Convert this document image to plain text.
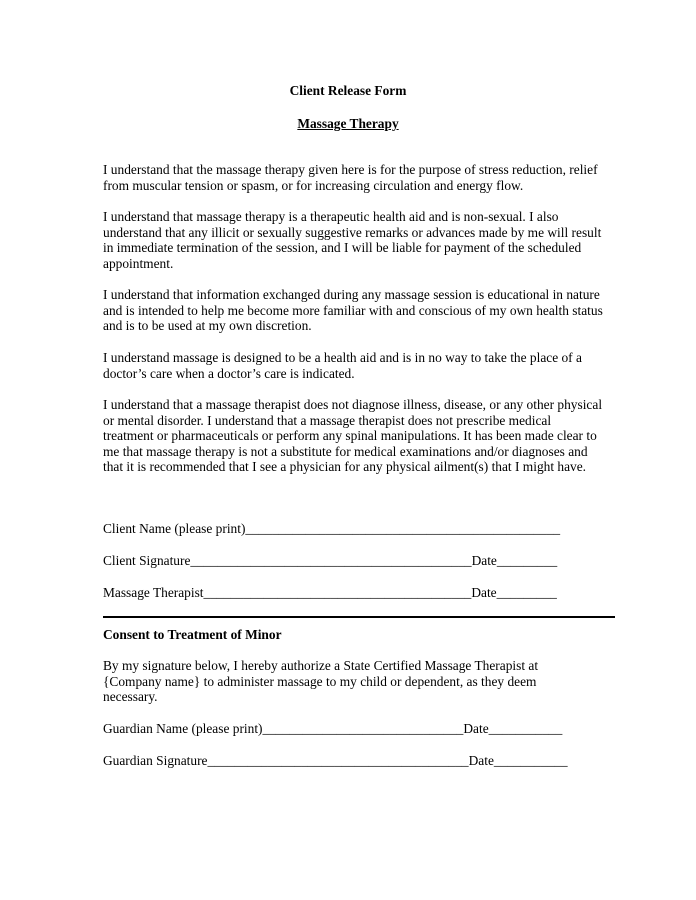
Client Release Form

Massage Therapy

I understand that the massage therapy given here is for the purpose of stress reduction, relief from muscular tension or spasm, or for increasing circulation and energy flow.

I understand that massage therapy is a therapeutic health aid and is non-sexual. I also understand that any illicit or sexually suggestive remarks or advances made by me will result in immediate termination of the session, and I will be liable for payment of the scheduled appointment.

I understand that information exchanged during any massage session is educational in nature and is intended to help me become more familiar with and conscious of my own health status and is to be used at my own discretion.

I understand massage is designed to be a health aid and is in no way to take the place of a doctor’s care when a doctor’s care is indicated.

I understand that a massage therapist does not diagnose illness, disease, or any other physical or mental disorder. I understand that a massage therapist does not prescribe medical treatment or pharmaceuticals or perform any spinal manipulations. It has been made clear to me that massage therapy is not a substitute for medical examinations and/or diagnoses and that it is recommended that I see a physician for any physical ailment(s) that I might have.

Client Name (please print)_______________________________________________
Client Signature__________________________________________Date_________
Massage Therapist________________________________________Date_________

Consent to Treatment of Minor

By my signature below, I hereby authorize a State Certified Massage Therapist at {Company name} to administer massage to my child or dependent, as they deem necessary.

Guardian Name (please print)______________________________Date___________
Guardian Signature_______________________________________Date___________
